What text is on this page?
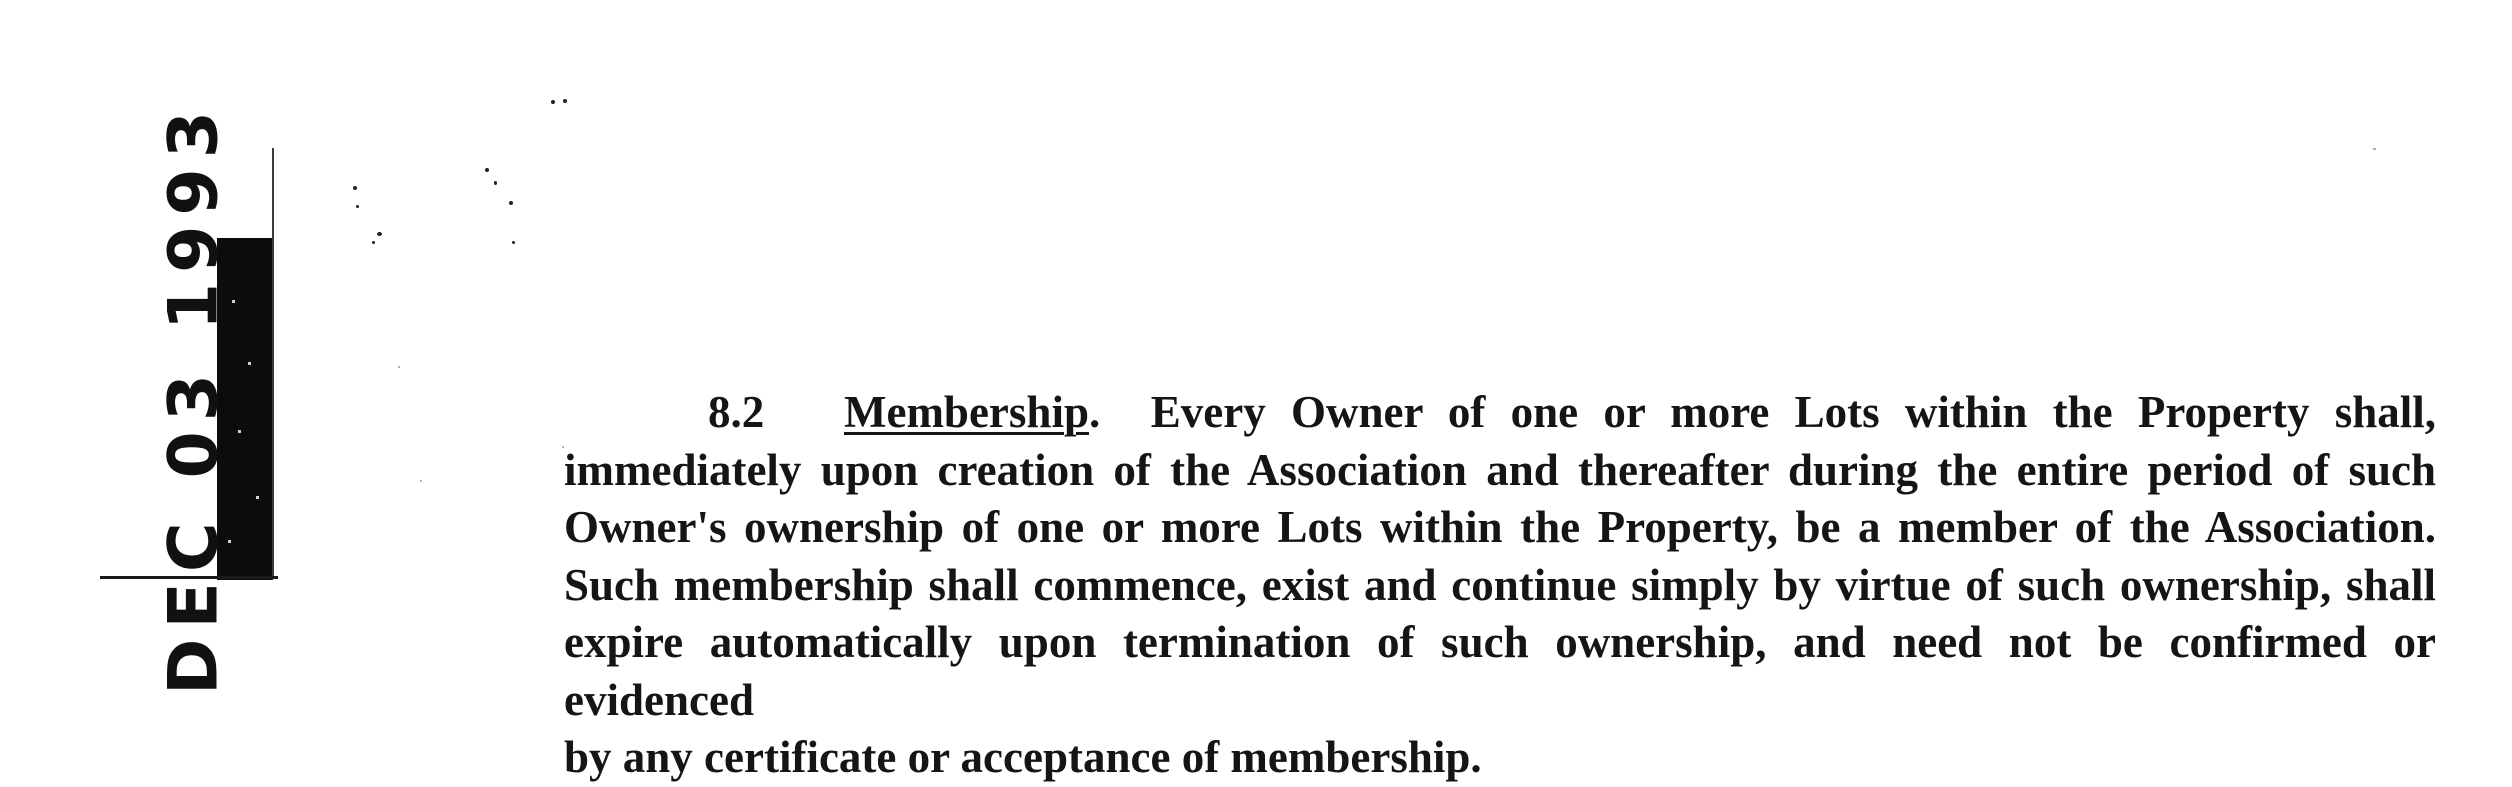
DEC 03 1993	8.2 Membership. Every Owner of one or more Lots within the Property shall,
immediately upon creation of the Association and thereafter during the entire period of such
Owner's ownership of one or more Lots within the Property, be a member of the Association.
Such membership shall commence, exist and continue simply by virtue of such ownership, shall
expire automatically upon termination of such ownership, and need not be confirmed or evidenced
by any certificate or acceptance of membership.
